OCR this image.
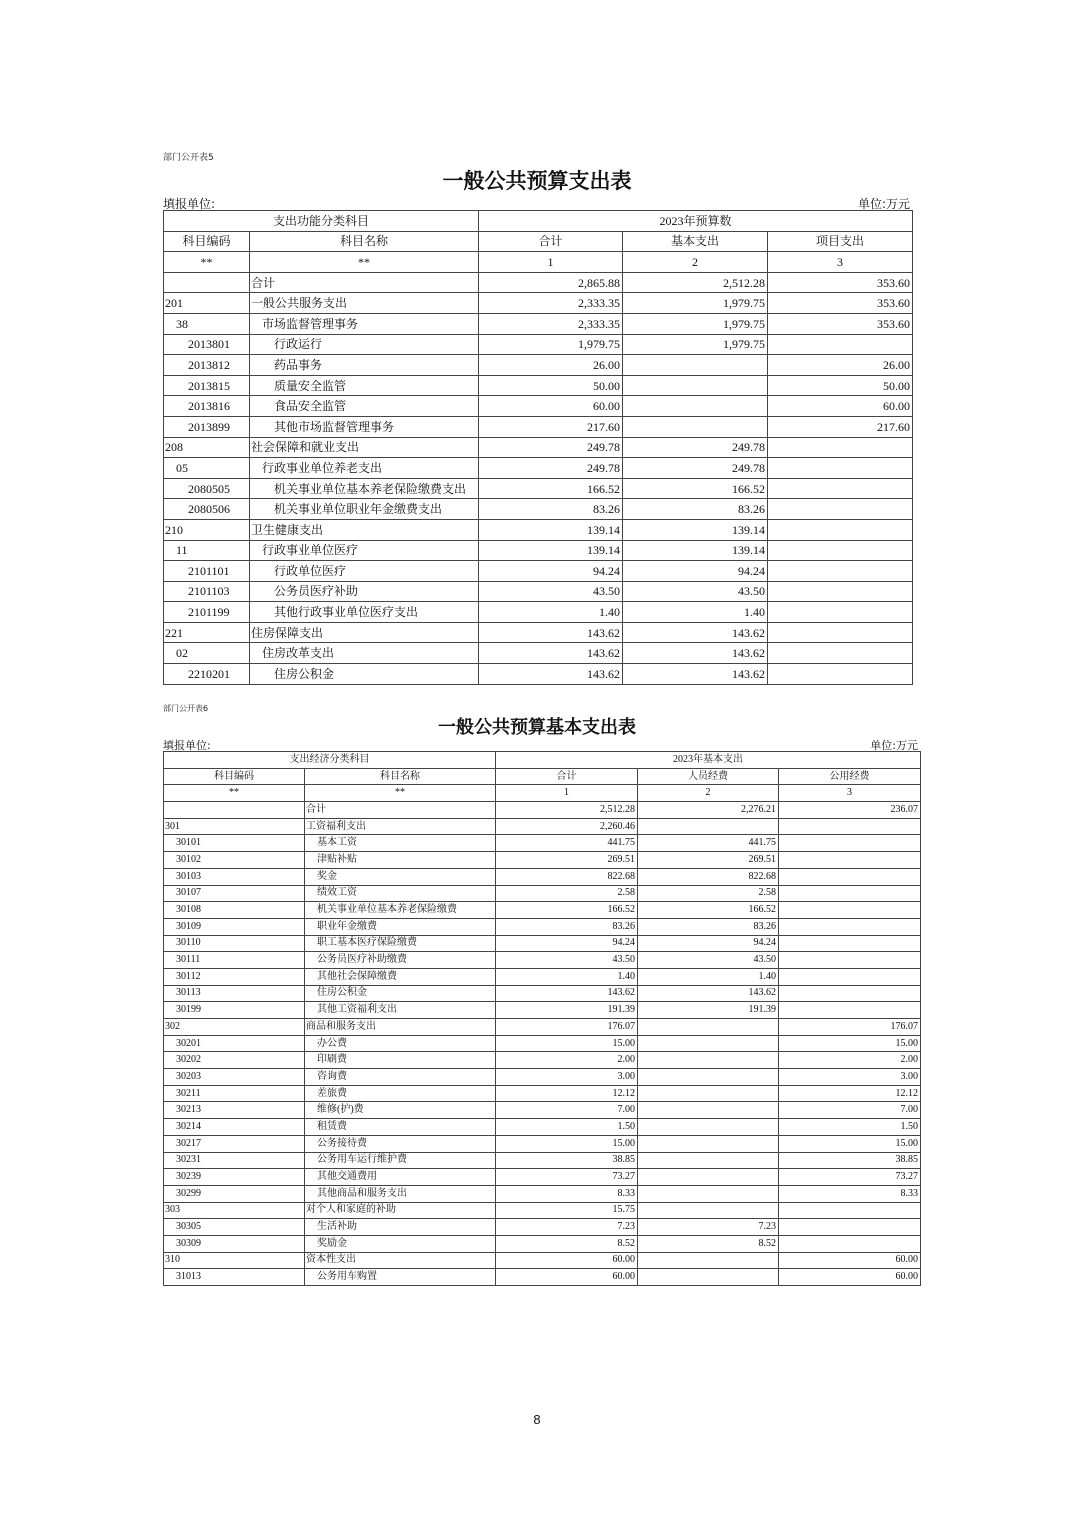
部门公开表5
一般公共预算支出表
填报单位:	单位:万元
支出功能分类科目		2023年预算数		
科目编码	科目名称	合计	基本支出	项目支出
**	**	1	2	3
	合计	2,865.88	2,512.28	353.60
201	一般公共服务支出	2,333.35	1,979.75	353.60
38	市场监督管理事务	2,333.35	1,979.75	353.60
2013801	行政运行	1,979.75	1,979.75	
2013812	药品事务	26.00		26.00
2013815	质量安全监管	50.00		50.00
2013816	食品安全监管	60.00		60.00
2013899	其他市场监督管理事务	217.60		217.60
208	社会保障和就业支出	249.78	249.78	
05	行政事业单位养老支出	249.78	249.78	
2080505	机关事业单位基本养老保险缴费支出	166.52	166.52	
2080506	机关事业单位职业年金缴费支出	83.26	83.26	
210	卫生健康支出	139.14	139.14	
11	行政事业单位医疗	139.14	139.14	
2101101	行政单位医疗	94.24	94.24	
2101103	公务员医疗补助	43.50	43.50	
2101199	其他行政事业单位医疗支出	1.40	1.40	
221	住房保障支出	143.62	143.62	
02	住房改革支出	143.62	143.62	
2210201	住房公积金	143.62	143.62	
部门公开表6
一般公共预算基本支出表
填报单位:	单位:万元
支出经济分类科目		2023年基本支出		
科目编码	科目名称	合计	人员经费	公用经费
**	**	1	2	3
	合计	2,512.28	2,276.21	236.07
301	工资福利支出	2,260.46		
30101	基本工资	441.75	441.75	
30102	津贴补贴	269.51	269.51	
30103	奖金	822.68	822.68	
30107	绩效工资	2.58	2.58	
30108	机关事业单位基本养老保险缴费	166.52	166.52	
30109	职业年金缴费	83.26	83.26	
30110	职工基本医疗保险缴费	94.24	94.24	
30111	公务员医疗补助缴费	43.50	43.50	
30112	其他社会保障缴费	1.40	1.40	
30113	住房公积金	143.62	143.62	
30199	其他工资福利支出	191.39	191.39	
302	商品和服务支出	176.07		176.07
30201	办公费	15.00		15.00
30202	印刷费	2.00		2.00
30203	咨询费	3.00		3.00
30211	差旅费	12.12		12.12
30213	维修(护)费	7.00		7.00
30214	租赁费	1.50		1.50
30217	公务接待费	15.00		15.00
30231	公务用车运行维护费	38.85		38.85
30239	其他交通费用	73.27		73.27
30299	其他商品和服务支出	8.33		8.33
303	对个人和家庭的补助	15.75		
30305	生活补助	7.23	7.23	
30309	奖励金	8.52	8.52	
310	资本性支出	60.00		60.00
31013	公务用车购置	60.00		60.00
8
